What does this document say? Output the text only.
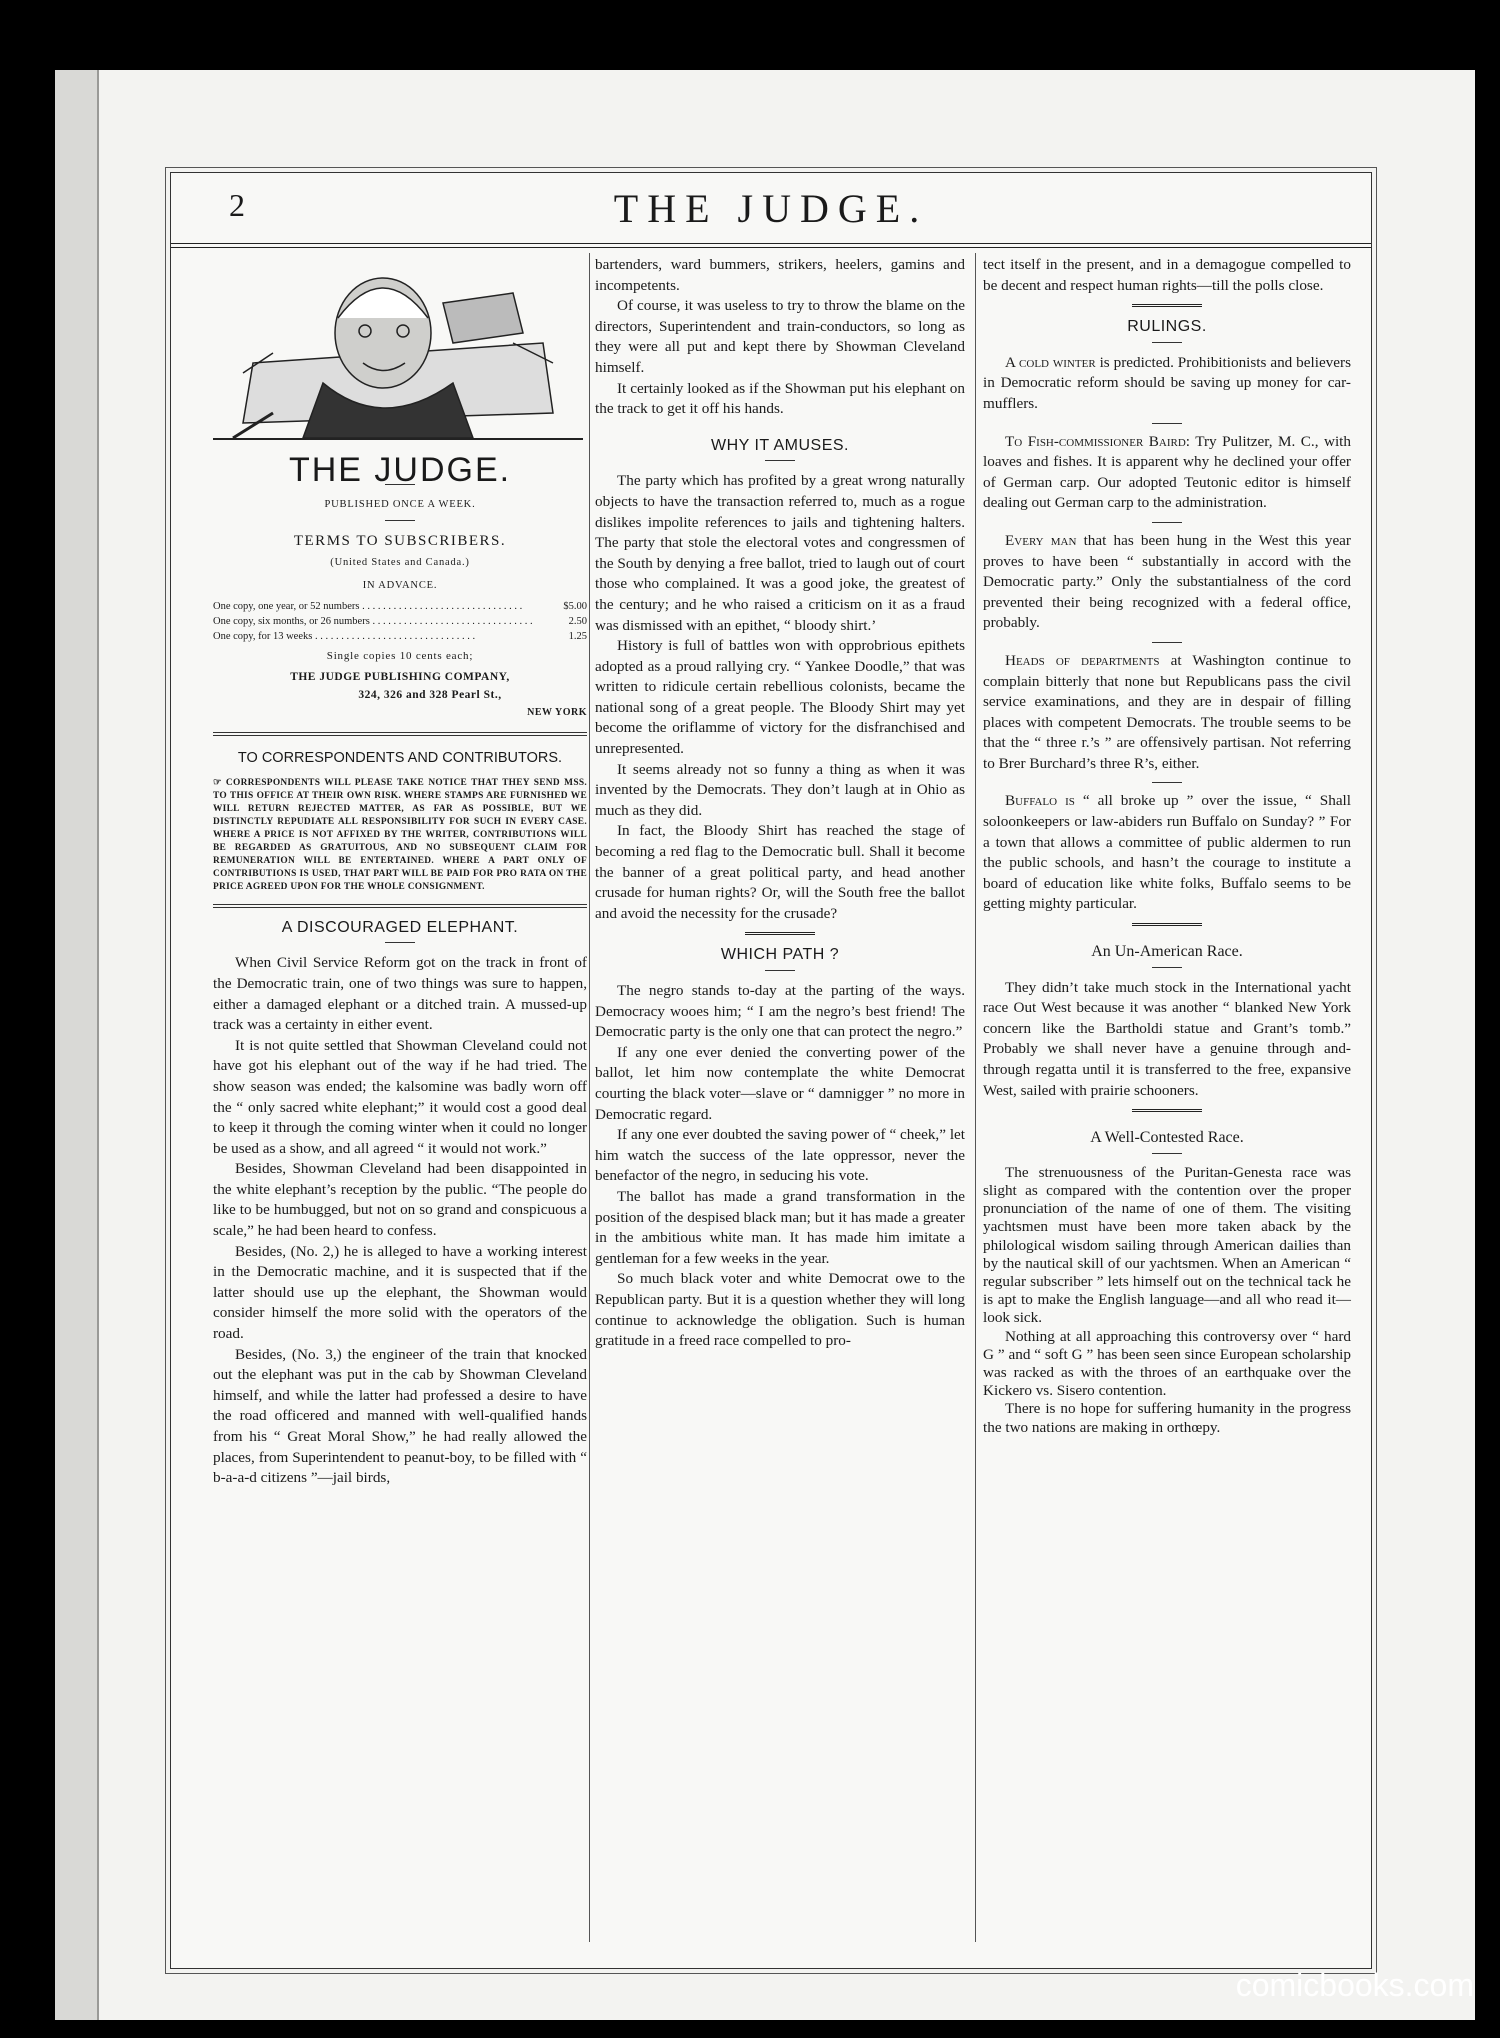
2	THE JUDGE.
THE JUDGE.
PUBLISHED ONCE A WEEK.
TERMS TO SUBSCRIBERS.
(United States and Canada.)
IN ADVANCE.
One copy, one year, or 52 numbers . . .	$5.00
One copy, six months, or 26 numbers . . .	2.50
One copy, for 13 weeks . . .	1.25
Single copies 10 cents each;
THE JUDGE PUBLISHING COMPANY,
324, 326 and 328 Pearl St.,
NEW YORK
TO CORRESPONDENTS AND CONTRIBUTORS.
☞ CORRESPONDENTS WILL PLEASE TAKE NOTICE THAT THEY SEND MSS. TO THIS OFFICE AT THEIR OWN RISK. WHERE STAMPS ARE FURNISHED WE WILL RETURN REJECTED MATTER, AS FAR AS POSSIBLE, BUT WE DISTINCTLY REPUDIATE ALL RESPONSIBILITY FOR SUCH IN EVERY CASE. WHERE A PRICE IS NOT AFFIXED BY THE WRITER, CONTRIBUTIONS WILL BE REGARDED AS GRATUITOUS, AND NO SUBSEQUENT CLAIM FOR REMUNERATION WILL BE ENTERTAINED. WHERE A PART ONLY OF CONTRIBUTIONS IS USED, THAT PART WILL BE PAID FOR PRO RATA ON THE PRICE AGREED UPON FOR THE WHOLE CONSIGNMENT.
A DISCOURAGED ELEPHANT.

When Civil Service Reform got on the track in front of the Democratic train, one of two things was sure to happen, either a damaged elephant or a ditched train. A mussed-up track was a certainty in either event.

It is not quite settled that Showman Cleveland could not have got his elephant out of the way if he had tried. The show season was ended; the kalsomine was badly worn off the “ only sacred white elephant;” it would cost a good deal to keep it through the coming winter when it could no longer be used as a show, and all agreed “ it would not work.”

Besides, Showman Cleveland had been disappointed in the white elephant’s reception by the public. “The people do like to be humbugged, but not on so grand and conspicuous a scale,” he had been heard to confess.

Besides, (No. 2,) he is alleged to have a working interest in the Democratic machine, and it is suspected that if the latter should use up the elephant, the Showman would consider himself the more solid with the operators of the road.

Besides, (No. 3,) the engineer of the train that knocked out the elephant was put in the cab by Showman Cleveland himself, and while the latter had professed a desire to have the road officered and manned with well-qualified hands from his “ Great Moral Show,” he had really allowed the places, from Superintendent to peanut-boy, to be filled with “ b-a-a-d citizens ”—jail birds,

bartenders, ward bummers, strikers, heelers, gamins and incompetents.

Of course, it was useless to try to throw the blame on the directors, Superintendent and train-conductors, so long as they were all put and kept there by Showman Cleveland himself.

It certainly looked as if the Showman put his elephant on the track to get it off his hands.

WHY IT AMUSES.

The party which has profited by a great wrong naturally objects to have the transaction referred to, much as a rogue dislikes impolite references to jails and tightening halters. The party that stole the electoral votes and congressmen of the South by denying a free ballot, tried to laugh out of court those who complained. It was a good joke, the greatest of the century; and he who raised a criticism on it as a fraud was dismissed with an epithet, “ bloody shirt.’

History is full of battles won with opprobrious epithets adopted as a proud rallying cry. “ Yankee Doodle,” that was written to ridicule certain rebellious colonists, became the national song of a great people. The Bloody Shirt may yet become the oriflamme of victory for the disfranchised and unrepresented.

It seems already not so funny a thing as when it was invented by the Democrats. They don’t laugh at in Ohio as much as they did.

In fact, the Bloody Shirt has reached the stage of becoming a red flag to the Democratic bull. Shall it become the banner of a great political party, and head another crusade for human rights? Or, will the South free the ballot and avoid the necessity for the crusade?

WHICH PATH ?

The negro stands to-day at the parting of the ways. Democracy wooes him; “ I am the negro’s best friend! The Democratic party is the only one that can protect the negro.”

If any one ever denied the converting power of the ballot, let him now contemplate the white Democrat courting the black voter—slave or “ damnigger ” no more in Democratic regard.

If any one ever doubted the saving power of “ cheek,” let him watch the success of the late oppressor, never the benefactor of the negro, in seducing his vote.

The ballot has made a grand transformation in the position of the despised black man; but it has made a greater in the ambitious white man. It has made him imitate a gentleman for a few weeks in the year.

So much black voter and white Democrat owe to the Republican party. But it is a question whether they will long continue to acknowledge the obligation. Such is human gratitude in a freed race compelled to pro-

tect itself in the present, and in a demagogue compelled to be decent and respect human rights—till the polls close.

RULINGS.

A cold winter is predicted. Prohibitionists and believers in Democratic reform should be saving up money for car-mufflers.

To Fish-commissioner Baird: Try Pulitzer, M. C., with loaves and fishes. It is apparent why he declined your offer of German carp. Our adopted Teutonic editor is himself dealing out German carp to the administration.

Every man that has been hung in the West this year proves to have been “ substantially in accord with the Democratic party.” Only the substantialness of the cord prevented their being recognized with a federal office, probably.

Heads of departments at Washington continue to complain bitterly that none but Republicans pass the civil service examinations, and they are in despair of filling places with competent Democrats. The trouble seems to be that the “ three r.’s ” are offensively partisan. Not referring to Brer Burchard’s three R’s, either.

Buffalo is “ all broke up ” over the issue, “ Shall soloonkeepers or law-abiders run Buffalo on Sunday? ” For a town that allows a committee of public aldermen to run the public schools, and hasn’t the courage to institute a board of education like white folks, Buffalo seems to be getting mighty particular.

An Un-American Race.

They didn’t take much stock in the International yacht race Out West because it was another “ blanked New York concern like the Bartholdi statue and Grant’s tomb.” Probably we shall never have a genuine through and-through regatta until it is transferred to the free, expansive West, sailed with prairie schooners.

A Well-Contested Race.

The strenuousness of the Puritan-Genesta race was slight as compared with the contention over the proper pronunciation of the name of one of them. The visiting yachtsmen must have been more taken aback by the philological wisdom sailing through American dailies than by the nautical skill of our yachtsmen. When an American “ regular subscriber ” lets himself out on the technical tack he is apt to make the English language—and all who read it—look sick.

Nothing at all approaching this controversy over “ hard G ” and “ soft G ” has been seen since European scholarship was racked as with the throes of an earthquake over the Kickero vs. Sisero contention.

There is no hope for suffering humanity in the progress the two nations are making in orthœpy.

comicbooks.com
